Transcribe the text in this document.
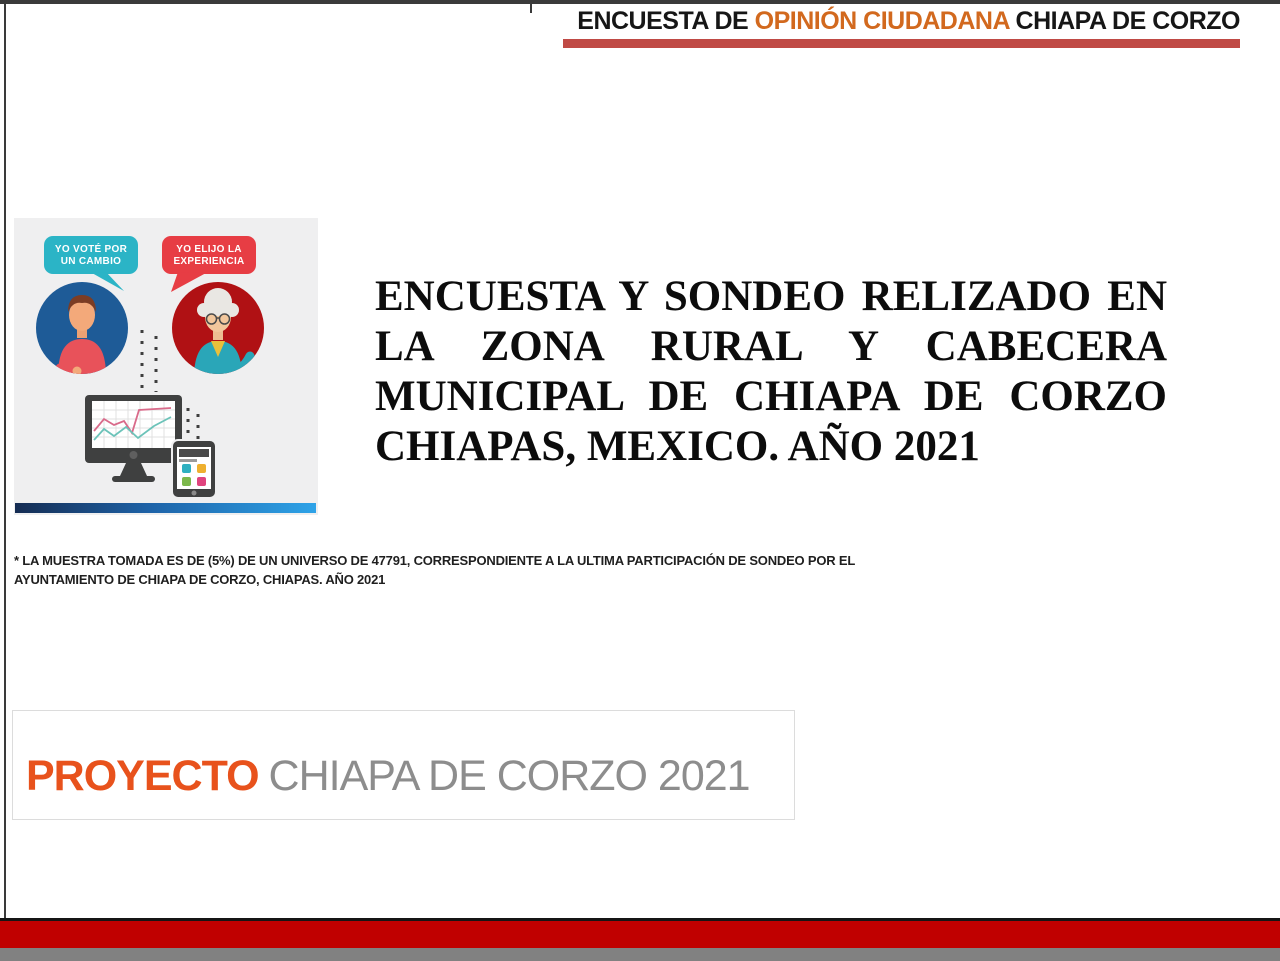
ENCUESTA DE OPINIÓN CIUDADANA CHIAPA DE CORZO
YO VOTÉ POR
UN CAMBIO
YO ELIJO LA
EXPERIENCIA
ENCUESTA Y SONDEO RELIZADO EN LA ZONA RURAL Y CABECERA MUNICIPAL DE CHIAPA DE CORZO CHIAPAS, MEXICO. AÑO 2021
* LA MUESTRA TOMADA ES DE (5%) DE UN UNIVERSO DE 47791, CORRESPONDIENTE A LA ULTIMA PARTICIPACIÓN DE SONDEO POR EL
AYUNTAMIENTO DE CHIAPA DE CORZO, CHIAPAS. AÑO 2021
PROYECTO CHIAPA DE CORZO 2021
